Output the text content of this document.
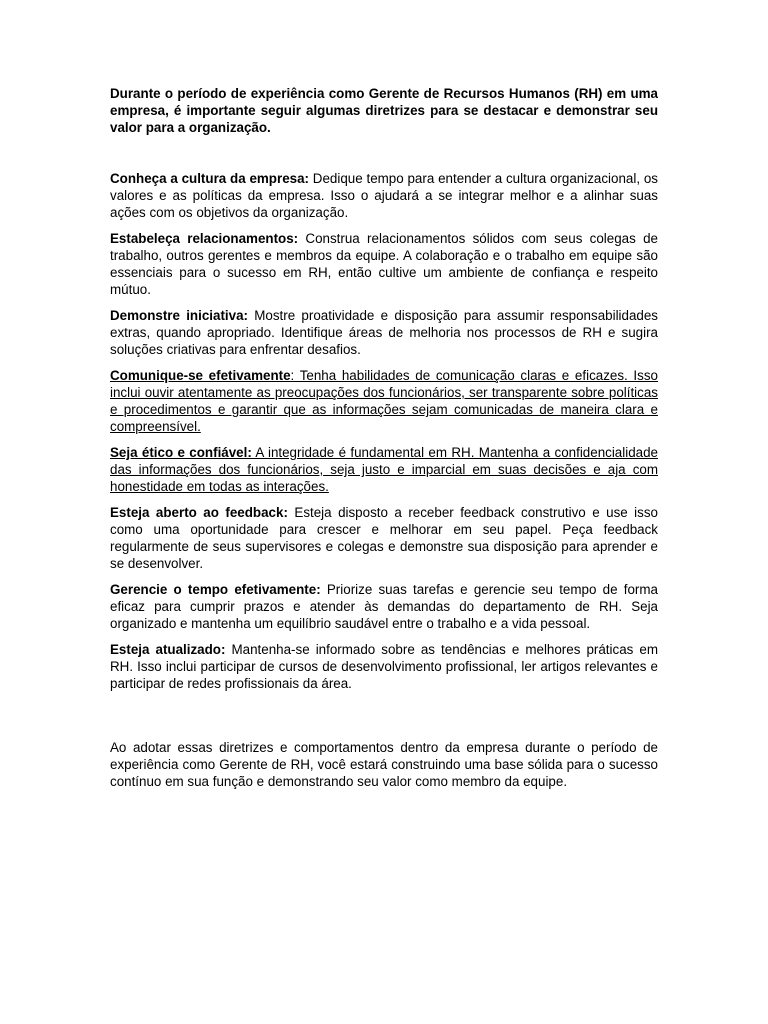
Durante o período de experiência como Gerente de Recursos Humanos (RH) em uma empresa, é importante seguir algumas diretrizes para se destacar e demonstrar seu valor para a organização.

Conheça a cultura da empresa: Dedique tempo para entender a cultura organizacional, os valores e as políticas da empresa. Isso o ajudará a se integrar melhor e a alinhar suas ações com os objetivos da organização.

Estabeleça relacionamentos: Construa relacionamentos sólidos com seus colegas de trabalho, outros gerentes e membros da equipe. A colaboração e o trabalho em equipe são essenciais para o sucesso em RH, então cultive um ambiente de confiança e respeito mútuo.

Demonstre iniciativa: Mostre proatividade e disposição para assumir responsabilidades extras, quando apropriado. Identifique áreas de melhoria nos processos de RH e sugira soluções criativas para enfrentar desafios.

Comunique-se efetivamente: Tenha habilidades de comunicação claras e eficazes. Isso inclui ouvir atentamente as preocupações dos funcionários, ser transparente sobre políticas e procedimentos e garantir que as informações sejam comunicadas de maneira clara e compreensível.

Seja ético e confiável: A integridade é fundamental em RH. Mantenha a confidencialidade das informações dos funcionários, seja justo e imparcial em suas decisões e aja com honestidade em todas as interações.

Esteja aberto ao feedback: Esteja disposto a receber feedback construtivo e use isso como uma oportunidade para crescer e melhorar em seu papel. Peça feedback regularmente de seus supervisores e colegas e demonstre sua disposição para aprender e se desenvolver.

Gerencie o tempo efetivamente: Priorize suas tarefas e gerencie seu tempo de forma eficaz para cumprir prazos e atender às demandas do departamento de RH. Seja organizado e mantenha um equilíbrio saudável entre o trabalho e a vida pessoal.

Esteja atualizado: Mantenha-se informado sobre as tendências e melhores práticas em RH. Isso inclui participar de cursos de desenvolvimento profissional, ler artigos relevantes e participar de redes profissionais da área.

Ao adotar essas diretrizes e comportamentos dentro da empresa durante o período de experiência como Gerente de RH, você estará construindo uma base sólida para o sucesso contínuo em sua função e demonstrando seu valor como membro da equipe.
